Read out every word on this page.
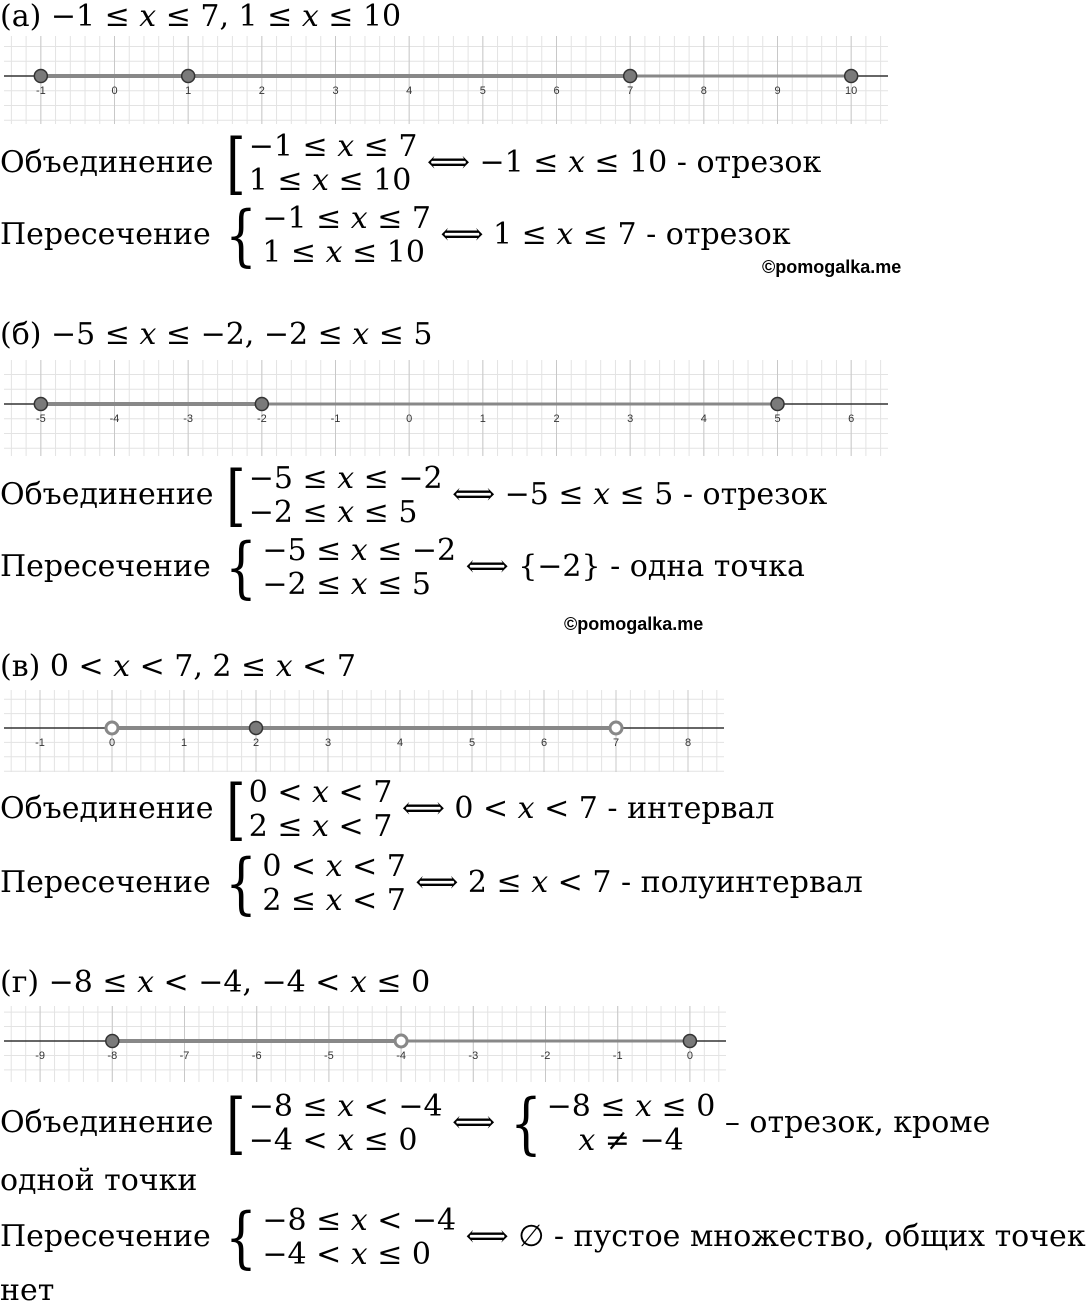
(а) −1 ≤ 𝑥 ≤ 7, 1 ≤ 𝑥 ≤ 10
-1	0	1	2	3	4	5	6	7	8	9	10
Объединение [ −1 ≤ 𝑥 ≤ 7
1 ≤ 𝑥 ≤ 10
⟺ −1 ≤ 𝑥 ≤ 10 - отрезок
Пересечение { −1 ≤ 𝑥 ≤ 7
1 ≤ 𝑥 ≤ 10
⟺ 1 ≤ 𝑥 ≤ 7 - отрезок
©pomogalka.me
(б) −5 ≤ 𝑥 ≤ −2, −2 ≤ 𝑥 ≤ 5
-5	-4	-3	-2	-1	0	1	2	3	4	5	6
Объединение [ −5 ≤ 𝑥 ≤ −2
−2 ≤ 𝑥 ≤ 5
⟺ −5 ≤ 𝑥 ≤ 5 - отрезок
Пересечение { −5 ≤ 𝑥 ≤ −2
−2 ≤ 𝑥 ≤ 5
⟺ {−2} - одна точка
©pomogalka.me
(в) 0 < 𝑥 < 7, 2 ≤ 𝑥 < 7
-1	0	1	2	3	4	5	6	7	8
Объединение [ 0 < 𝑥 < 7
2 ≤ 𝑥 < 7
⟺ 0 < 𝑥 < 7 - интервал
Пересечение { 0 < 𝑥 < 7
2 ≤ 𝑥 < 7
⟺ 2 ≤ 𝑥 < 7 - полуинтервал
(г) −8 ≤ 𝑥 < −4, −4 < 𝑥 ≤ 0
-9	-8	-7	-6	-5	-4	-3	-2	-1	0
Объединение [ −8 ≤ 𝑥 < −4
−4 < 𝑥 ≤ 0
⟺ { −8 ≤ 𝑥 ≤ 0
𝑥 ≠ −4
– отрезок, кроме
одной точки
Пересечение { −8 ≤ 𝑥 < −4
−4 < 𝑥 ≤ 0
⟺ ∅ - пустое множество, общих точек
нет
